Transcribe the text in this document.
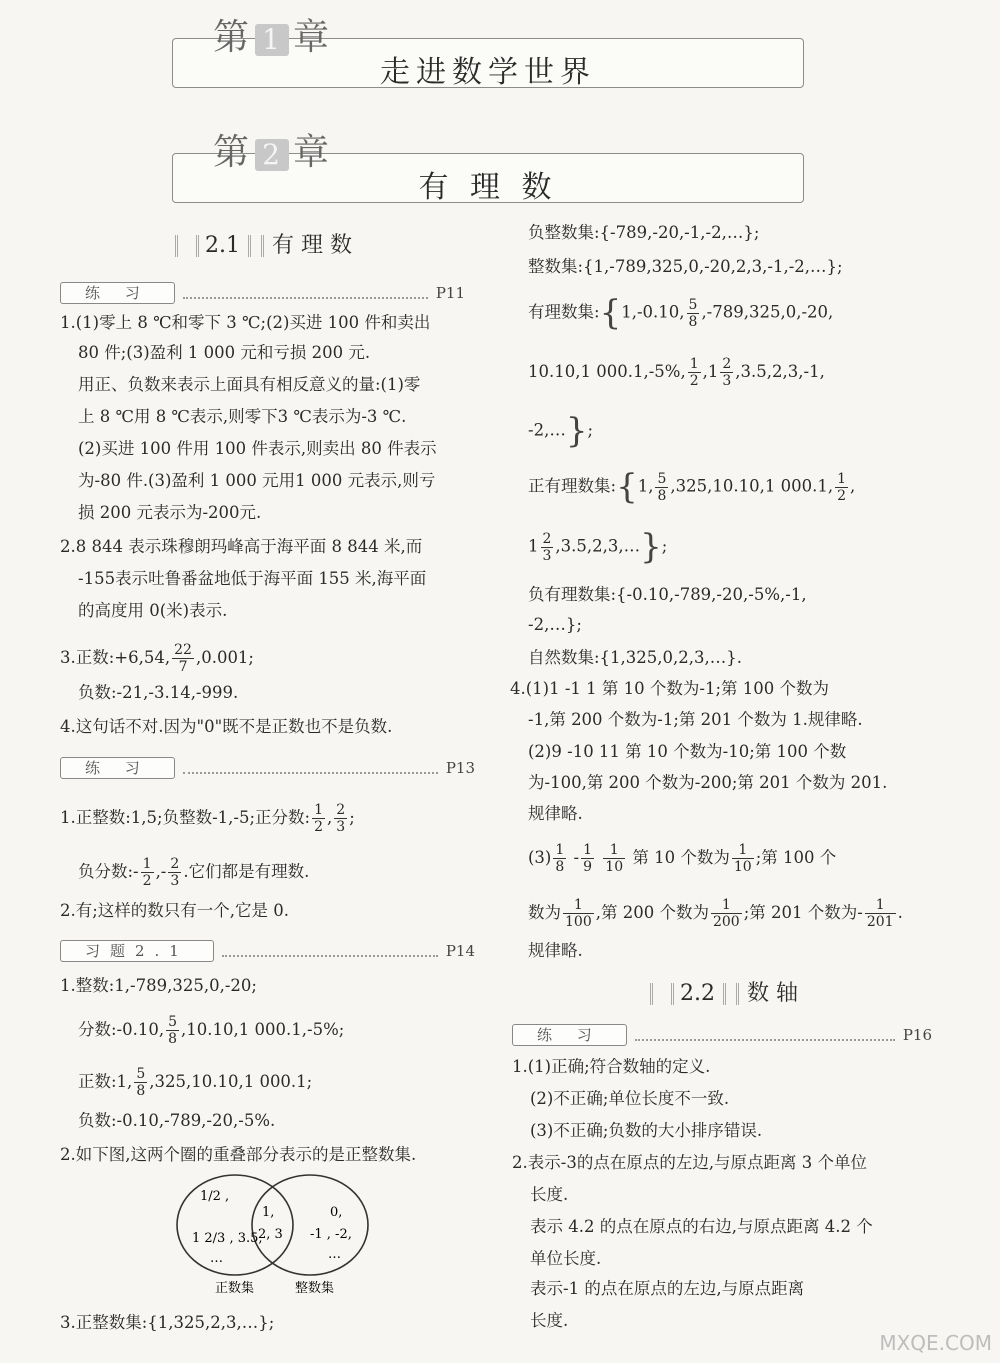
第 1 章
走进数学世界
第 2 章
有 理 数
2.1 有 理 数
练 习	P11
1.(1)零上 8 ℃和零下 3 ℃;(2)买进 100 件和卖出
80 件;(3)盈利 1 000 元和亏损 200 元.
用正、负数来表示上面具有相反意义的量:(1)零
上 8 ℃用 8 ℃表示,则零下3 ℃表示为-3 ℃.
(2)买进 100 件用 100 件表示,则卖出 80 件表示
为-80 件.(3)盈利 1 000 元用1 000 元表示,则亏
损 200 元表示为-200元.
2.8 844 表示珠穆朗玛峰高于海平面 8 844 米,而
-155表示吐鲁番盆地低于海平面 155 米,海平面
的高度用 0(米)表示.
3.正数:+6,54, $\frac{22}{7} ,0.001$;
负数:-21,-3.14,-999.
4.这句话不对.因为"0"既不是正数也不是负数.
练 习	P13
1.正整数:1,5;负整数-1,-5;正分数: $\frac{1}{2}$ , $\frac{2}{3}$ ;
负分数:- $\frac{1}{2}$ ,- $\frac{2}{3}$ .它们都是有理数.
2.有;这样的数只有一个,它是 0.
习题2.1	P14
1.整数:1,-789,325,0,-20;
分数:-0.10, $\frac{5}{8} ,10.10,1$ 000.1,-5%;
正数:1, $\frac{5}{8} ,325,10.10,1$ 000.1;
负数:-0.10,-789,-20,-5%.
2.如下图,这两个圈的重叠部分表示的是正整数集.
1/2 ,
1 2/3 , 3.5,
…
1,
2, 3
0,
-1 , -2,
…
正数集	整数集
3.正整数集:{1,325,2,3,…};
负整数集:{-789,-20,-1,-2,…};
整数集:{1,-789,325,0,-20,2,3,-1,-2,…};
有理数集:{1,-0.10, $\frac{5}{8} ,-789,325,0,-20$,
10.10,1 000.1,-5%, $\frac{1}{2} ,1 \frac{2}{3} ,3.5,2,3,-1$,
-2,…};
正有理数集:{1, $\frac{5}{8} ,325,10.10,1$ 000.1, $\frac{1}{2}$ ,
$1 \frac{2}{3}$ ,3.5,2,3,…};
负有理数集:{-0.10,-789,-20,-5%,-1,
-2,…};
自然数集:{1,325,0,2,3,…}.
4.(1)1 -1 1 第 10 个数为-1;第 100 个数为
-1,第 200 个数为-1;第 201 个数为 1.规律略.
(2)9 -10 11 第 10 个数为-10;第 100 个数
为-100,第 200 个数为-200;第 201 个数为 201.
规律略.
$(3) \frac{1}{8} - \frac{1}{9}$
$\frac{1}{10}$ 第 10 个数为 $\frac{1}{10}$ ;第 100 个
数为 $\frac{1}{100}$ ,第 200 个数为 $\frac{1}{200}$ ;第 201 个数为- $\frac{1}{201}$ .
规律略.
2.2 数 轴
练 习	P16
1.(1)正确;符合数轴的定义.
(2)不正确;单位长度不一致.
(3)不正确;负数的大小排序错误.
2.表示-3的点在原点的左边,与原点距离 3 个单位
长度.
表示 4.2 的点在原点的右边,与原点距离 4.2 个
单位长度.
表示-1 的点在原点的左边,与原点距离
长度.
MXQE.COM
